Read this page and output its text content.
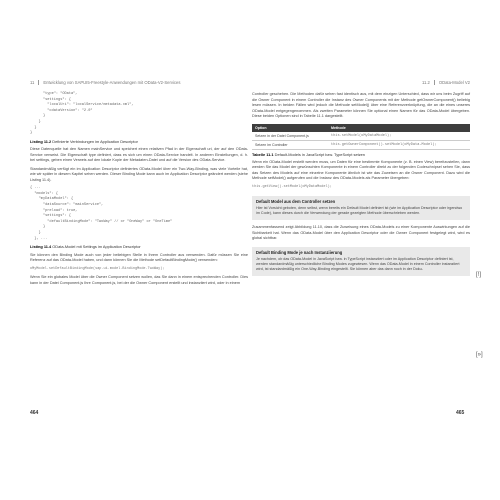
11 Entwicklung von SAPUI5-Freestyle-Anwendungen mit OData-V2-Services	11.2 OData-Model V2
"type": "OData",
"settings": {
"localUri": "localService/metadata.xml",
"odataVersion": "2.0"
}
}
}
}
Listing 11.2 Definierte Verbindungen im Application Descriptor

Diese Datenquelle hat den Namen mainService und speichert einen relativen Pfad in der Eigenschaft uri, der auf den OData-Service verweist. Die Eigenschaft type definiert, dass es sich um einen OData-Service handelt. In anderen Einstellungen, d. h. bei settings, geben einen Verweis auf den lokale Kopie der Metadaten-Datei und auf die Version des OData-Service.

Standardmäßig verfügt ein im Application Descriptor definiertes OData-Model über ein Two-Way-Binding, was viele Vorteile hat, wie wir später in diesem Kapitel sehen werden. Dieser Binding Mode kann auch im Application Descriptor geändert werden (siehe Listing 11.4).

{ ...
"models": {
"myDataModel": {
"dataSource": "mainService",
"preload": true,
"settings": {
"defaultBindingMode": "TwoWay" // or "OneWay" or "OneTime"
}
}
}, ...
Listing 11.4 OData-Model mit Settings im Application Descriptor

Sie können den Binding Mode auch von jeder beliebigen Stelle in Ihrem Controller aus verwenden. Dafür müssen Sie eine Referenz auf das OData-Model haben, und dann können Sie die Methode setDefaultBindingMode() verwenden:

oMyModel.setDefaultBindingMode(sap.ui.model.BindingMode.TwoWay);

Wenn Sie ein globales Model über die Owner Component setzen wollen, das Sie dann in einem entsprechenden Controller. Dies kann in der Datei Component.js Ihre Component.js, bei der die Owner Component erstellt und instanziiert wird, oder in einem

464

Controller geschehen. Die Methoden dafür sehen fast identisch aus, mit dem einzigen Unterschied, dass wir uns beim Zugriff auf die Owner Component in einem Controller die Instanz des Owner Components mit der Methode getOwnerComponent() beliebig lesen müssen. In beiden Fällen wird jedoch die Methode setModel() über eine Referenzverknüpfung, die an die eines unseres OData-Model entgegengenommen. Als zweiten Parameter können Sie optional einen Namen für das OData-Model übergeben. Diese beiden Optionen sind in Tabelle 11.1 dargestellt.

Option	Methode
Setzen in der Datei Component.js	this.setModel(oMyDataModel);
Setzen im Controller	this.getOwnerComponent().setModel(oMyData-Model);
Tabelle 11.1 Default-Models in JavaScript bzw. TypeScript setzen

Wenn ein OData-Model erstellt werden muss, um Daten für eine bestimmte Komponente (z. B. einen View) bereitzustellen, dann werden Sie das Model der gewünschten Komponente in einem Controller direkt zu der folgenden Codeschnipsel sehen Sie, dass das Setzen des Models auf eine einzelne Komponente ähnlich ist wie das Zuweisen an die Owner Component. Dazu wird die Methode setModel() aufgerufen und die Instanz des OData-Models als Parameter übergeben:

this.getView().setModel(oMyDataModel);
Default Model aus dem Controller setzen
Hier ist Vorsicht geboten, denn selbst, wenn bereits ein Default Model definiert ist (wie im Application Descriptor oder irgendwo im Code), kann dieses durch die Verwendung der gerade gezeigten Methode überschrieben werden.

Zusammenfassend zeigt Abbildung 11.10, dass die Zuweisung eines OData-Models zu einer Komponente Auswirkungen auf die Sichtbarkeit hat. Wenn das OData-Model über den Application Descriptor oder die Owner Component festgelegt wird, wird es global sichtbar.

Default Binding Mode je nach Instanziierung
Je nachdem, ob das OData-Model in JavaScript bzw. in TypeScript instanziiert oder im Application Descriptor definiert ist, werden standardmäßig unterschiedliche Binding Modes zugewiesen. Wenn das OData-Model in einem Controller instanziiert wird, ist standardmäßig ein One-Way-Binding eingestellt. Sie können aber das dann noch in der Doku-
465
[!]
[»]
